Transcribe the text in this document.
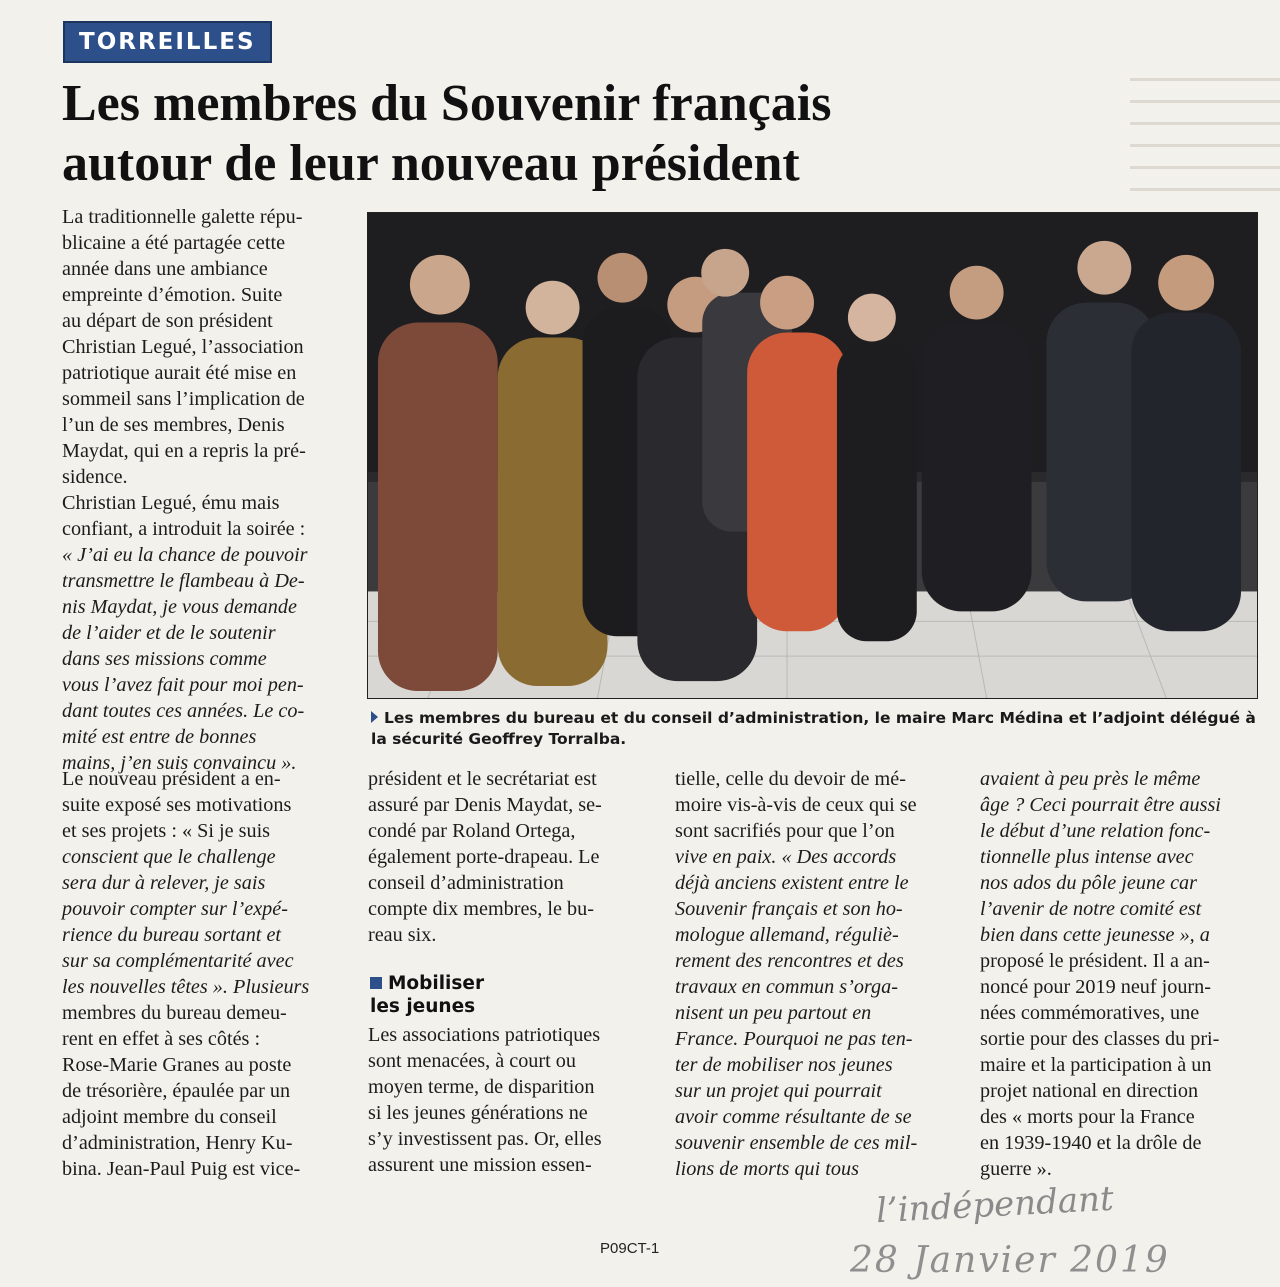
TORREILLES
Les membres du Souvenir français
autour de leur nouveau président

La traditionnelle galette répu-

blicaine a été partagée cette

année dans une ambiance

empreinte d’émotion. Suite

au départ de son président

Christian Legué, l’association

patriotique aurait été mise en

sommeil sans l’implication de

l’un de ses membres, Denis

Maydat, qui en a repris la pré-

sidence.

Christian Legué, ému mais

confiant, a introduit la soirée :

« J’ai eu la chance de pouvoir

transmettre le flambeau à De-

nis Maydat, je vous demande

de l’aider et de le soutenir

dans ses missions comme

vous l’avez fait pour moi pen-

dant toutes ces années. Le co-

mité est entre de bonnes

mains, j’en suis convaincu ».

Les membres du bureau et du conseil d’administration, le maire Marc Médina et l’adjoint délégué à la sécurité Geoffrey Torralba.

Le nouveau président a en-

suite exposé ses motivations

et ses projets : « Si je suis

conscient que le challenge

sera dur à relever, je sais

pouvoir compter sur l’expé-

rience du bureau sortant et

sur sa complémentarité avec

les nouvelles têtes ». Plusieurs

membres du bureau demeu-

rent en effet à ses côtés :

Rose-Marie Granes au poste

de trésorière, épaulée par un

adjoint membre du conseil

d’administration, Henry Ku-

bina. Jean-Paul Puig est vice-

président et le secrétariat est

assuré par Denis Maydat, se-

condé par Roland Ortega,

également porte-drapeau. Le

conseil d’administration

compte dix membres, le bu-

reau six.

Mobiliser
les jeunes

Les associations patriotiques

sont menacées, à court ou

moyen terme, de disparition

si les jeunes générations ne

s’y investissent pas. Or, elles

assurent une mission essen-

tielle, celle du devoir de mé-

moire vis-à-vis de ceux qui se

sont sacrifiés pour que l’on

vive en paix. « Des accords

déjà anciens existent entre le

Souvenir français et son ho-

mologue allemand, réguliè-

rement des rencontres et des

travaux en commun s’orga-

nisent un peu partout en

France. Pourquoi ne pas ten-

ter de mobiliser nos jeunes

sur un projet qui pourrait

avoir comme résultante de se

souvenir ensemble de ces mil-

lions de morts qui tous

avaient à peu près le même

âge ? Ceci pourrait être aussi

le début d’une relation fonc-

tionnelle plus intense avec

nos ados du pôle jeune car

l’avenir de notre comité est

bien dans cette jeunesse », a

proposé le président. Il a an-

noncé pour 2019 neuf journ-

nées commémoratives, une

sortie pour des classes du pri-

maire et la participation à un

projet national en direction

des « morts pour la France

en 1939-1940 et la drôle de

guerre ».

P09CT-1
l’indépendant
28 Janvier 2019
